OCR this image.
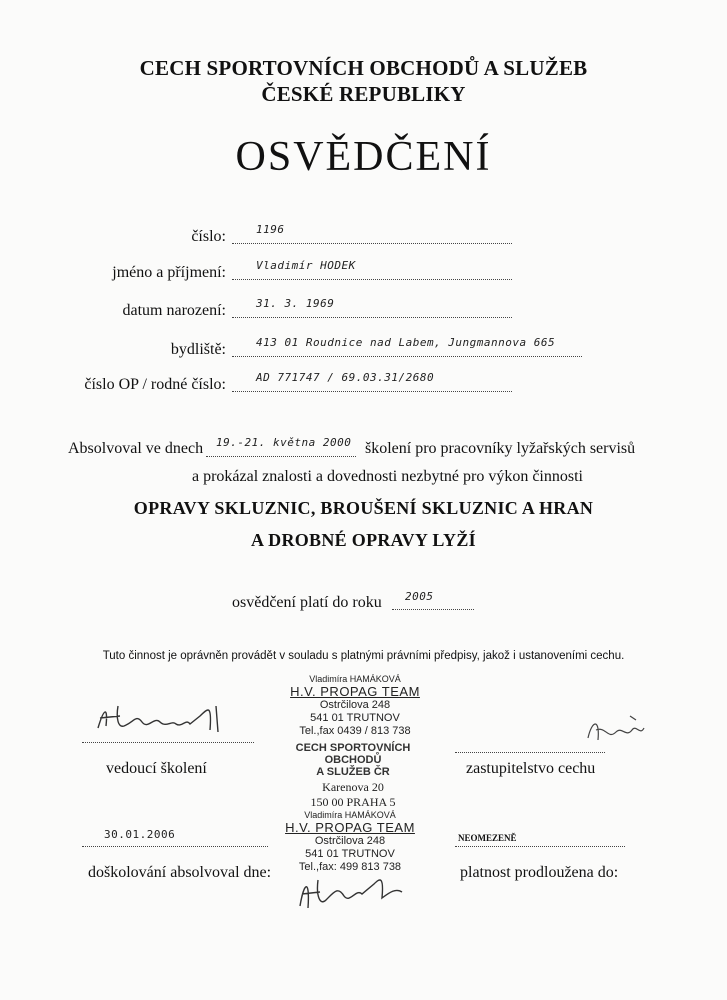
CECH SPORTOVNÍCH OBCHODŮ A SLUŽEB
ČESKÉ REPUBLIKY
OSVĚDČENÍ
číslo:	1196
jméno a příjmení:	Vladimír HODEK
datum narození:	31. 3. 1969
bydliště:	413 01 Roudnice nad Labem, Jungmannova 665
číslo OP / rodné číslo:	AD 771747 / 69.03.31/2680
Absolvoval ve dnech 19.-21. května 2000 školení pro pracovníky lyžařských servisů
a prokázal znalosti a dovednosti nezbytné pro výkon činnosti
OPRAVY SKLUZNIC, BROUŠENÍ SKLUZNIC A HRAN
A DROBNÉ OPRAVY LYŽÍ
osvědčení platí do roku 2005
Tuto činnost je oprávněn provádět v souladu s platnými právními předpisy, jakož i ustanoveními cechu.
Vladimíra HAMÁKOVÁ
H.V. PROPAG TEAM
Ostrčilova 248
541 01 TRUTNOV
Tel.,fax 0439 / 813 738
vedoucí školení	zastupitelstvo cechu
CECH SPORTOVNÍCH OBCHODŮ
A SLUŽEB ČR
Karenova 20
150 00 PRAHA 5
Vladimíra HAMÁKOVÁ
H.V. PROPAG TEAM
Ostrčilova 248
541 01 TRUTNOV
Tel.,fax: 499 813 738
30.01.2006
doškolování absolvoval dne:
NEOMEZENĚ
platnost prodloužena do:
